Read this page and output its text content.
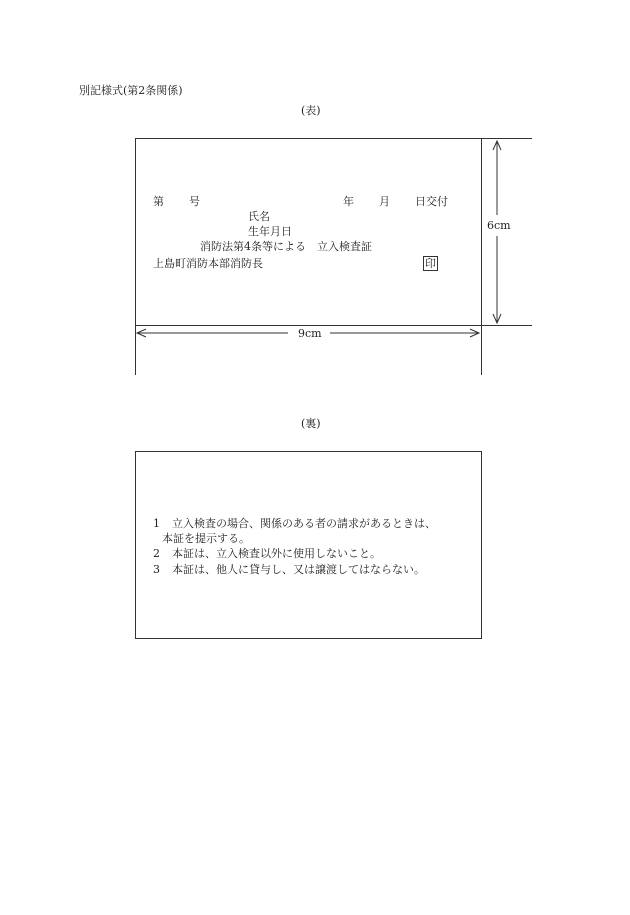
別記様式(第2条関係)
(表)
第 号	年 月 日交付
氏名
生年月日
消防法第4条等による　立入検査証
上島町消防本部消防長	印
9cm
6cm
(裏)
1 立入検査の場合、関係のある者の請求があるときは、
本証を提示する。
2 本証は、立入検査以外に使用しないこと。
3 本証は、他人に貸与し、又は譲渡してはならない。
